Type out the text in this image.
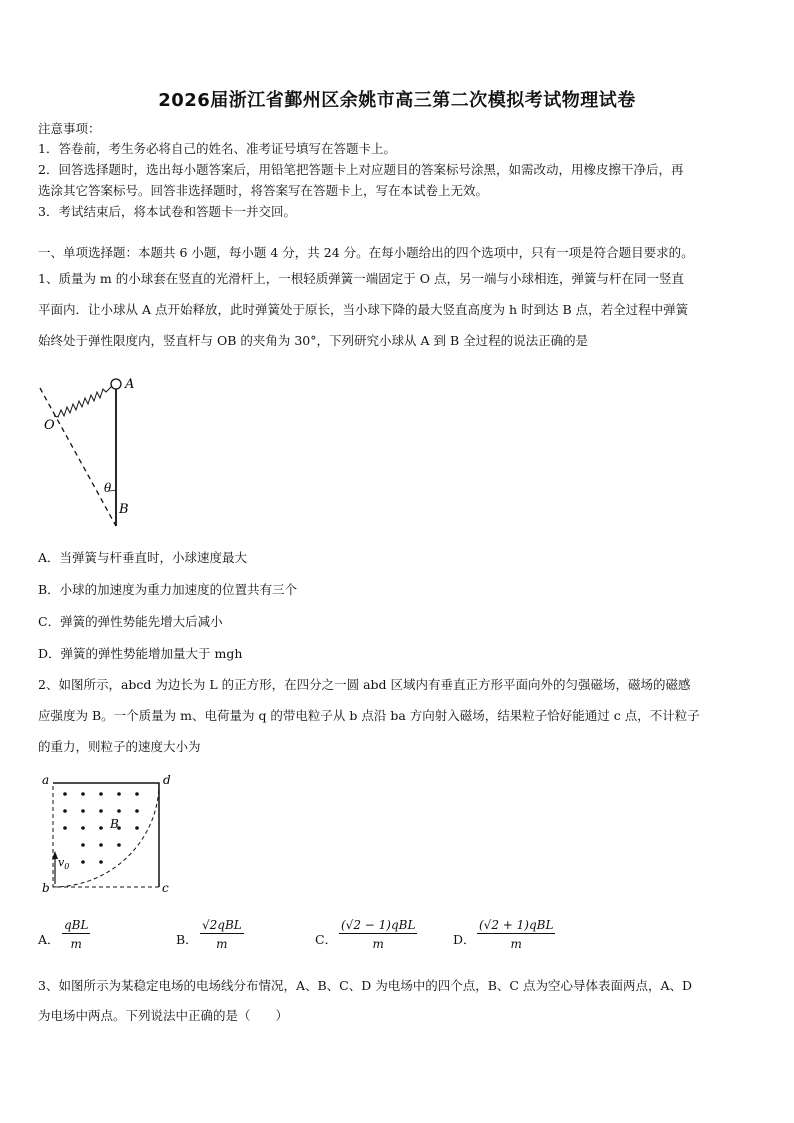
2026届浙江省鄞州区余姚市高三第二次模拟考试物理试卷
注意事项：
1．答卷前，考生务必将自己的姓名、准考证号填写在答题卡上。
2．回答选择题时，选出每小题答案后，用铅笔把答题卡上对应题目的答案标号涂黑，如需改动，用橡皮擦干净后，再
选涂其它答案标号。回答非选择题时，将答案写在答题卡上，写在本试卷上无效。
3．考试结束后，将本试卷和答题卡一并交回。
一、单项选择题：本题共 6 小题，每小题 4 分，共 24 分。在每小题给出的四个选项中，只有一项是符合题目要求的。
1、质量为 m 的小球套在竖直的光滑杆上，一根轻质弹簧一端固定于 O 点，另一端与小球相连，弹簧与杆在同一竖直
平面内．让小球从 A 点开始释放，此时弹簧处于原长，当小球下降的最大竖直高度为 h 时到达 B 点，若全过程中弹簧
始终处于弹性限度内，竖直杆与 OB 的夹角为 30°，下列研究小球从 A 到 B 全过程的说法正确的是
A
O
B
θ
A．当弹簧与杆垂直时，小球速度最大
B．小球的加速度为重力加速度的位置共有三个
C．弹簧的弹性势能先增大后减小
D．弹簧的弹性势能增加量大于 mgh
2、如图所示，abcd 为边长为 L 的正方形，在四分之一圆 abd 区域内有垂直正方形平面向外的匀强磁场，磁场的磁感
应强度为 B。一个质量为 m、电荷量为 q 的带电粒子从 b 点沿 ba 方向射入磁场，结果粒子恰好能通过 c 点，不计粒子
的重力，则粒子的速度大小为
$v_0$
a	d
b	c
B
A．
qBL
m	B．
√2qBL
m	C．
(√2 − 1)qBL
m	D．
(√2 + 1)qBL
m
3、如图所示为某稳定电场的电场线分布情况，A、B、C、D 为电场中的四个点，B、C 点为空心导体表面两点，A、D
为电场中两点。下列说法中正确的是（　　）
